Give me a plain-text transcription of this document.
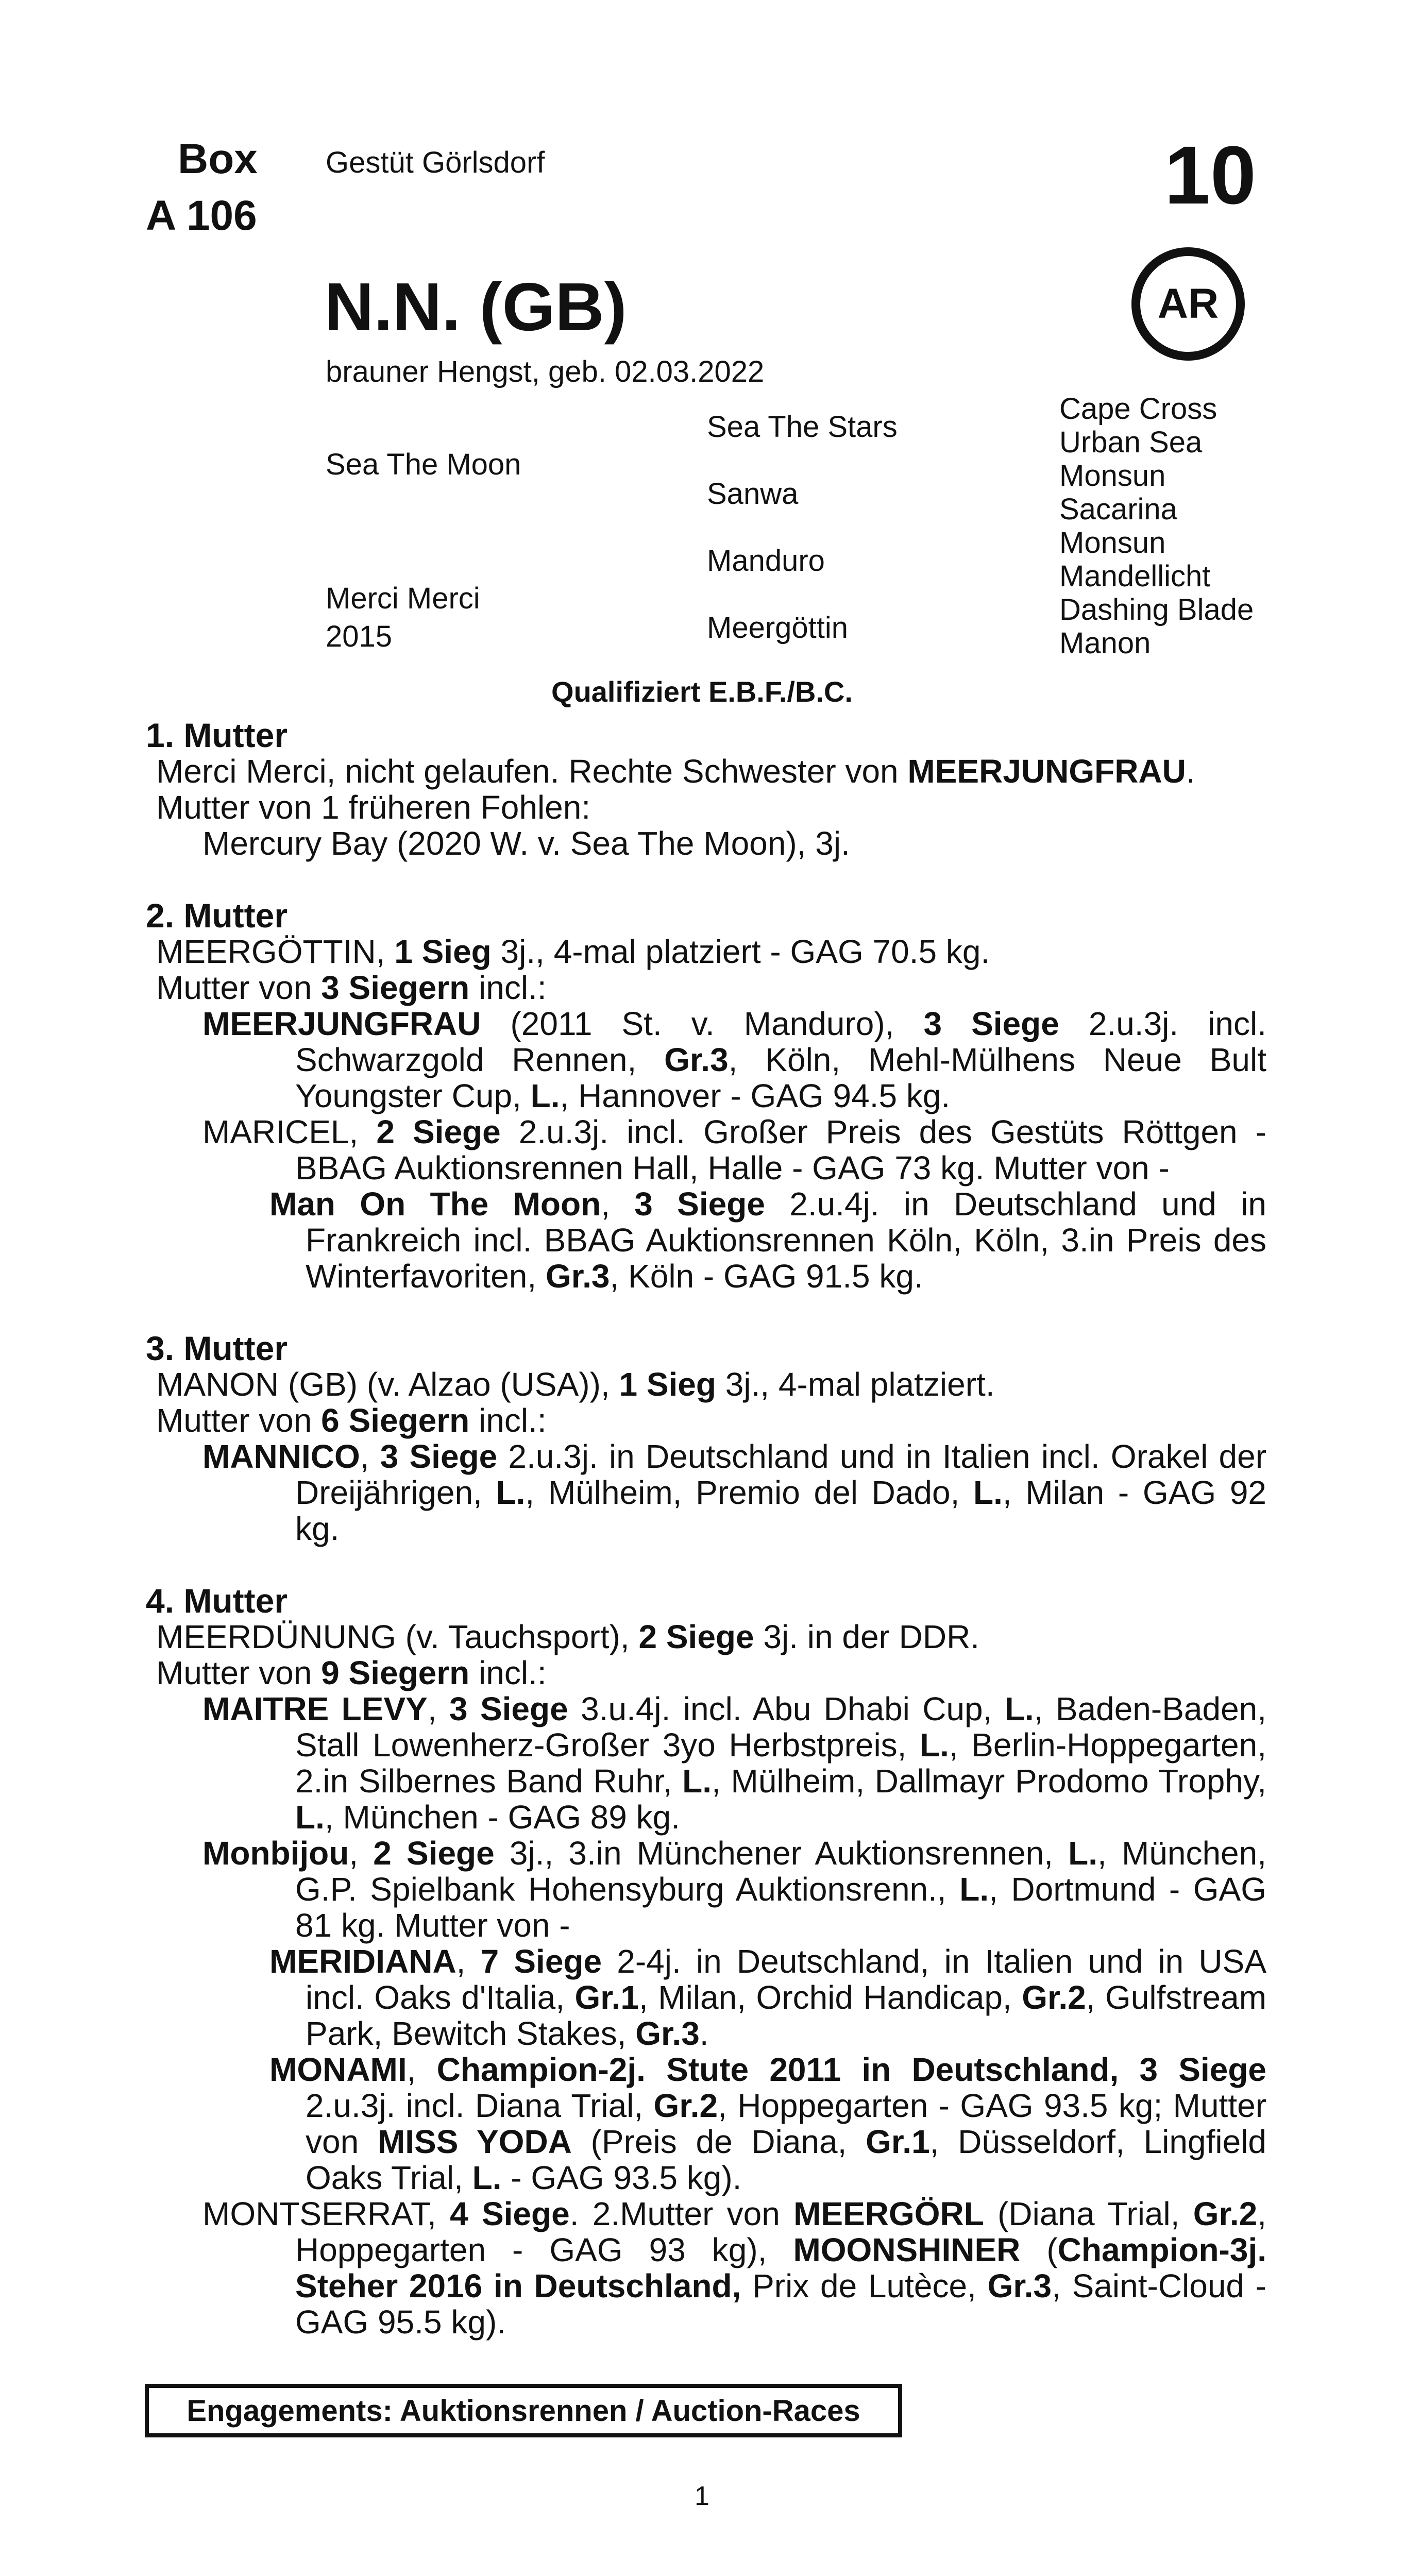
Box
A 106
Gestüt Görlsdorf	10
N.N. (GB)	AR
brauner Hengst, geb. 02.03.2022
Sea The Moon
Merci Merci
2015
Sea The Stars
Sanwa
Manduro
Meergöttin
Cape Cross
Urban Sea
Monsun
Sacarina
Monsun
Mandellicht
Dashing Blade
Manon
Qualifiziert E.B.F./B.C.
1. Mutter
Merci Merci, nicht gelaufen. Rechte Schwester von MEERJUNGFRAU.
Mutter von 1 früheren Fohlen:
Mercury Bay (2020 W. v. Sea The Moon), 3j.
2. Mutter
MEERGÖTTIN, 1 Sieg 3j., 4-mal platziert - GAG 70.5 kg.
Mutter von 3 Siegern incl.:
MEERJUNGFRAU (2011 St. v. Manduro), 3 Siege 2.u.3j. incl. Schwarzgold Rennen, Gr.3, Köln, Mehl-Mülhens Neue Bult Youngster Cup, L., Hannover - GAG 94.5 kg.
MARICEL, 2 Siege 2.u.3j. incl. Großer Preis des Gestüts Röttgen - BBAG Auktionsrennen Hall, Halle - GAG 73 kg. Mutter von -
Man On The Moon, 3 Siege 2.u.4j. in Deutschland und in Frankreich incl. BBAG Auktionsrennen Köln, Köln, 3.in Preis des Winterfavoriten, Gr.3, Köln - GAG 91.5 kg.
3. Mutter
MANON (GB) (v. Alzao (USA)), 1 Sieg 3j., 4-mal platziert.
Mutter von 6 Siegern incl.:
MANNICO, 3 Siege 2.u.3j. in Deutschland und in Italien incl. Orakel der Dreijährigen, L., Mülheim, Premio del Dado, L., Milan - GAG 92 kg.
4. Mutter
MEERDÜNUNG (v. Tauchsport), 2 Siege 3j. in der DDR.
Mutter von 9 Siegern incl.:
MAITRE LEVY, 3 Siege 3.u.4j. incl. Abu Dhabi Cup, L., Baden-Baden, Stall Lowenherz-Großer 3yo Herbstpreis, L., Berlin-Hoppegarten, 2.in Silbernes Band Ruhr, L., Mülheim, Dallmayr Prodomo Trophy, L., München - GAG 89 kg.
Monbijou, 2 Siege 3j., 3.in Münchener Auktionsrennen, L., München, G.P. Spielbank Hohensyburg Auktionsrenn., L., Dortmund - GAG 81 kg. Mutter von -
MERIDIANA, 7 Siege 2-4j. in Deutschland, in Italien und in USA incl. Oaks d'Italia, Gr.1, Milan, Orchid Handicap, Gr.2, Gulfstream Park, Bewitch Stakes, Gr.3.
MONAMI, Champion-2j. Stute 2011 in Deutschland, 3 Siege 2.u.3j. incl. Diana Trial, Gr.2, Hoppegarten - GAG 93.5 kg; Mutter von MISS YODA (Preis de Diana, Gr.1, Düsseldorf, Lingfield Oaks Trial, L. - GAG 93.5 kg).
MONTSERRAT, 4 Siege. 2.Mutter von MEERGÖRL (Diana Trial, Gr.2, Hoppegarten - GAG 93 kg), MOONSHINER (Champion-3j. Steher 2016 in Deutschland, Prix de Lutèce, Gr.3, Saint-Cloud - GAG 95.5 kg).
Engagements: Auktionsrennen / Auction-Races
1
